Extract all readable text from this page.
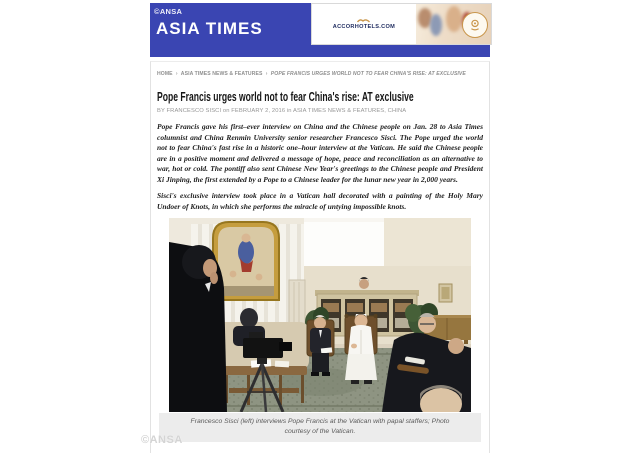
©ANSA
ASIA TIMES	ACCORHOTELS.COM
HOME › ASIA TIMES NEWS & FEATURES › POPE FRANCIS URGES WORLD NOT TO FEAR CHINA'S RISE: AT EXCLUSIVE
Pope Francis urges world not to fear China's rise: AT exclusive
BY FRANCESCO SISCI on FEBRUARY 2, 2016 in ASIA TIMES NEWS & FEATURES, CHINA

Pope Francis gave his first–ever interview on China and the Chinese people on Jan. 28 to Asia Times columnist and China Renmin University senior researcher Francesco Sisci. The Pope urged the world not to fear China's fast rise in a historic one–hour interview at the Vatican. He said the Chinese people are in a positive moment and delivered a message of hope, peace and reconciliation as an alternative to war, hot or cold. The pontiff also sent Chinese New Year's greetings to the Chinese people and President Xi Jinping, the first extended by a Pope to a Chinese leader for the lunar new year in 2,000 years.

Sisci's exclusive interview took place in a Vatican hall decorated with a painting of the Holy Mary Undoer of Knots, in which she performs the miracle of untying impossible knots.

Francesco Sisci (left) interviews Pope Francis at the Vatican with papal staffers; Photo courtesy of the Vatican.
©ANSA
